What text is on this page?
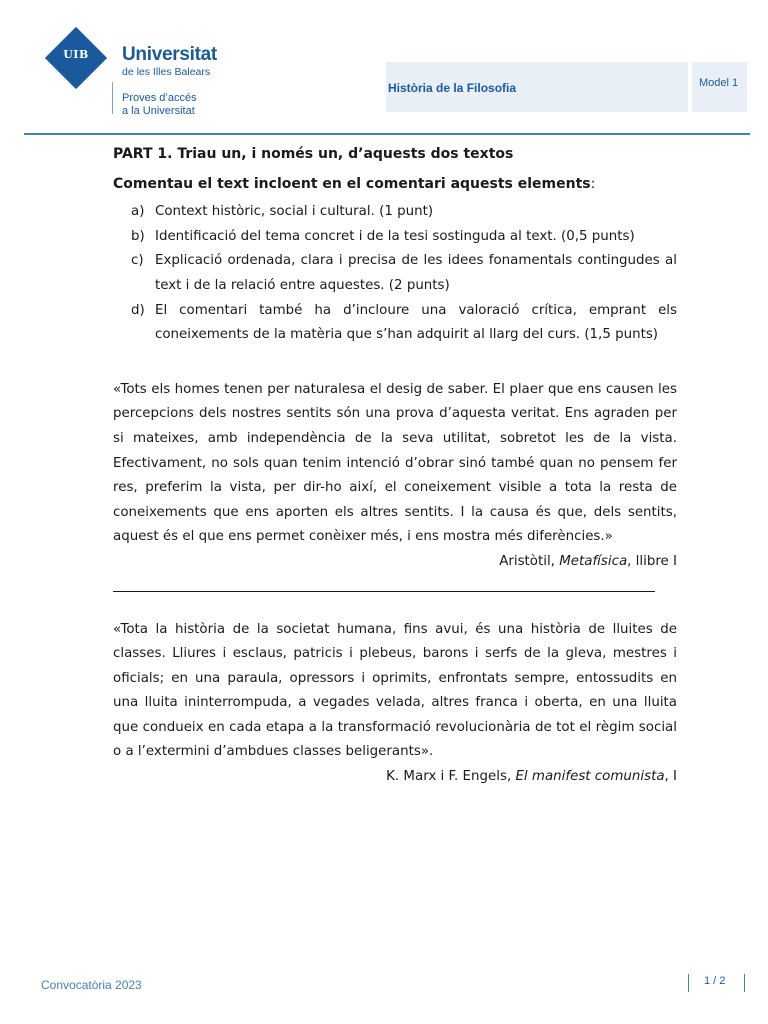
UIB	Universitat
de les Illes Balears
Proves d’accés
a la Universitat
Història de la Filosofia	Model 1
PART 1. Triau un, i només un, d’aquests dos textos
Comentau el text incloent en el comentari aquests elements:
a) Context històric, social i cultural. (1 punt)
b) Identificació del tema concret i de la tesi sostinguda al text. (0,5 punts)
c) Explicació ordenada, clara i precisa de les idees fonamentals contingudes al text i de la relació entre aquestes. (2 punts)
d) El comentari també ha d’incloure una valoració crítica, emprant els coneixements de la matèria que s’han adquirit al llarg del curs. (1,5 punts)

«Tots els homes tenen per naturalesa el desig de saber. El plaer que ens causen les percepcions dels nostres sentits són una prova d’aquesta veritat. Ens agraden per si mateixes, amb independència de la seva utilitat, sobretot les de la vista. Efectivament, no sols quan tenim intenció d’obrar sinó també quan no pensem fer res, preferim la vista, per dir-ho així, el coneixement visible a tota la resta de coneixements que ens aporten els altres sentits. I la causa és que, dels sentits, aquest és el que ens permet conèixer més, i ens mostra més diferències.»

Aristòtil, Metafísica, llibre I

«Tota la història de la societat humana, fins avui, és una història de lluites de classes. Lliures i esclaus, patricis i plebeus, barons i serfs de la gleva, mestres i oficials; en una paraula, opressors i oprimits, enfrontats sempre, entossudits en una lluita ininterrompuda, a vegades velada, altres franca i oberta, en una lluita que condueix en cada etapa a la transformació revolucionària de tot el règim social o a l’extermini d’ambdues classes beligerants».

K. Marx i F. Engels, El manifest comunista, I

Convocatòria 2023	1 / 2
